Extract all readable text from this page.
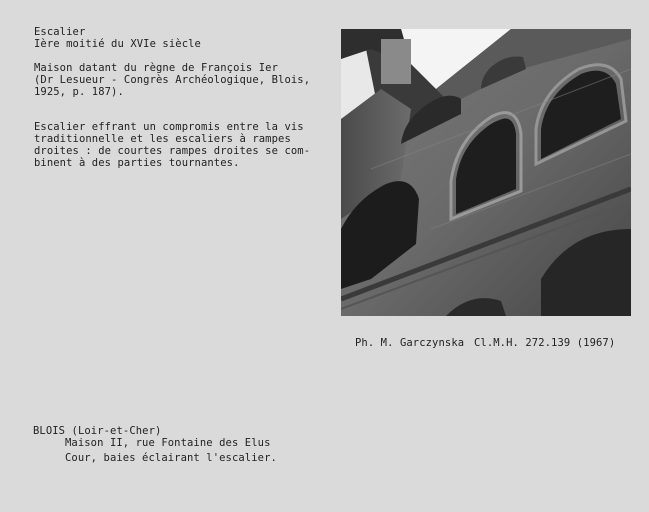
Escalier
Ière moitié du XVIe siècle
Maison datant du règne de François Ier
(Dr Lesueur - Congrès Archéologique, Blois,
1925, p. 187).
Escalier effrant un compromis entre la vis
traditionnelle et les escaliers à rampes
droites : de courtes rampes droites se com-
binent à des parties tournantes.
Ph. M. Garczynska Cl.M.H. 272.139 (1967)
BLOIS (Loir-et-Cher)
Maison II, rue Fontaine des Elus
Cour, baies éclairant l'escalier.
